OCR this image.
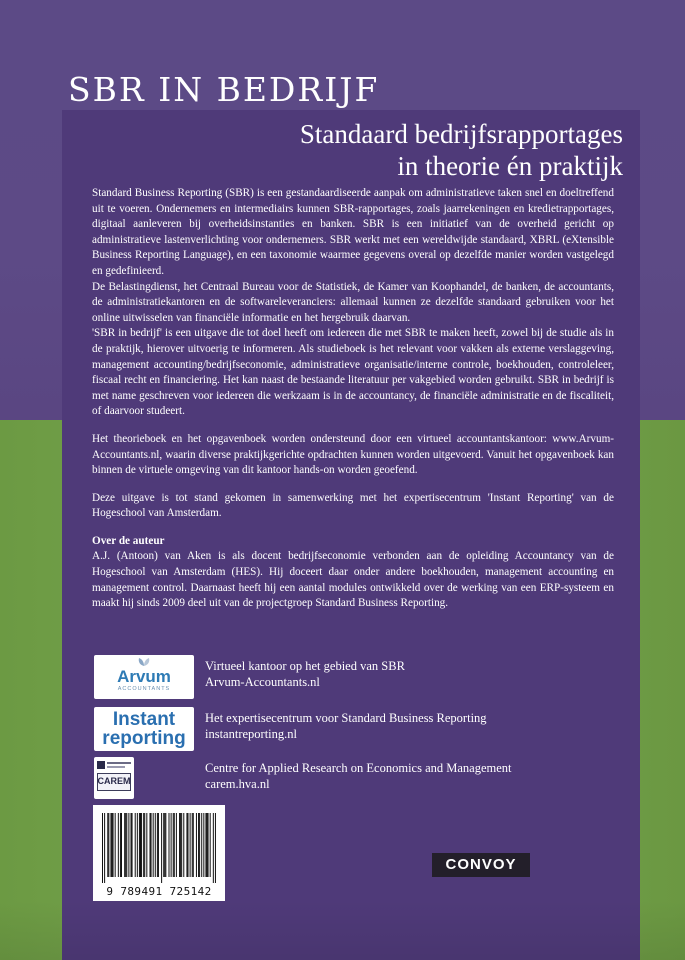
SBR IN BEDRIJF
Standaard bedrijfsrapportages
in theorie én praktijk

Standard Business Reporting (SBR) is een gestandaardiseerde aanpak om administratieve taken snel en doeltreffend uit te voeren. Ondernemers en intermediairs kunnen SBR-rapportages, zoals jaarrekeningen en kredietrapportages, digitaal aanleveren bij overheidsinstanties en banken. SBR is een initiatief van de overheid gericht op administratieve lastenverlichting voor ondernemers. SBR werkt met een wereldwijde standaard, XBRL (eXtensible Business Reporting Language), en een taxonomie waarmee gegevens overal op dezelfde manier worden vastgelegd en gedefinieerd.

De Belastingdienst, het Centraal Bureau voor de Statistiek, de Kamer van Koophandel, de banken, de accountants, de administratiekantoren en de softwareleveranciers: allemaal kunnen ze dezelfde standaard gebruiken voor het online uitwisselen van financiële informatie en het hergebruik daarvan.

'SBR in bedrijf' is een uitgave die tot doel heeft om iedereen die met SBR te maken heeft, zowel bij de studie als in de praktijk, hierover uitvoerig te informeren. Als studieboek is het relevant voor vakken als externe verslaggeving, management accounting/bedrijfseconomie, administratieve organisatie/interne controle, boekhouden, controleleer, fiscaal recht en financiering. Het kan naast de bestaande literatuur per vakgebied worden gebruikt. SBR in bedrijf is met name geschreven voor iedereen die werkzaam is in de accountancy, de financiële administratie en de fiscaliteit, of daarvoor studeert.

Het theorieboek en het opgavenboek worden ondersteund door een virtueel accountantskantoor: www.Arvum-Accountants.nl, waarin diverse praktijkgerichte opdrachten kunnen worden uitgevoerd. Vanuit het opgavenboek kan binnen de virtuele omgeving van dit kantoor hands-on worden geoefend.

Deze uitgave is tot stand gekomen in samenwerking met het expertisecentrum 'Instant Reporting' van de Hogeschool van Amsterdam.

Over de auteur

A.J. (Antoon) van Aken is als docent bedrijfseconomie verbonden aan de opleiding Accountancy van de Hogeschool van Amsterdam (HES). Hij doceert daar onder andere boekhouden, management accounting en management control. Daarnaast heeft hij een aantal modules ontwikkeld over de werking van een ERP-systeem en maakt hij sinds 2009 deel uit van de projectgroep Standard Business Reporting.

Arvum
ACCOUNTANTS
Virtueel kantoor op het gebied van SBR
Arvum-Accountants.nl
Instant
reporting
Het expertisecentrum voor Standard Business Reporting
instantreporting.nl
CAREM
Centre for Applied Research on Economics and Management
carem.hva.nl
9 789491 725142
CONVOY
